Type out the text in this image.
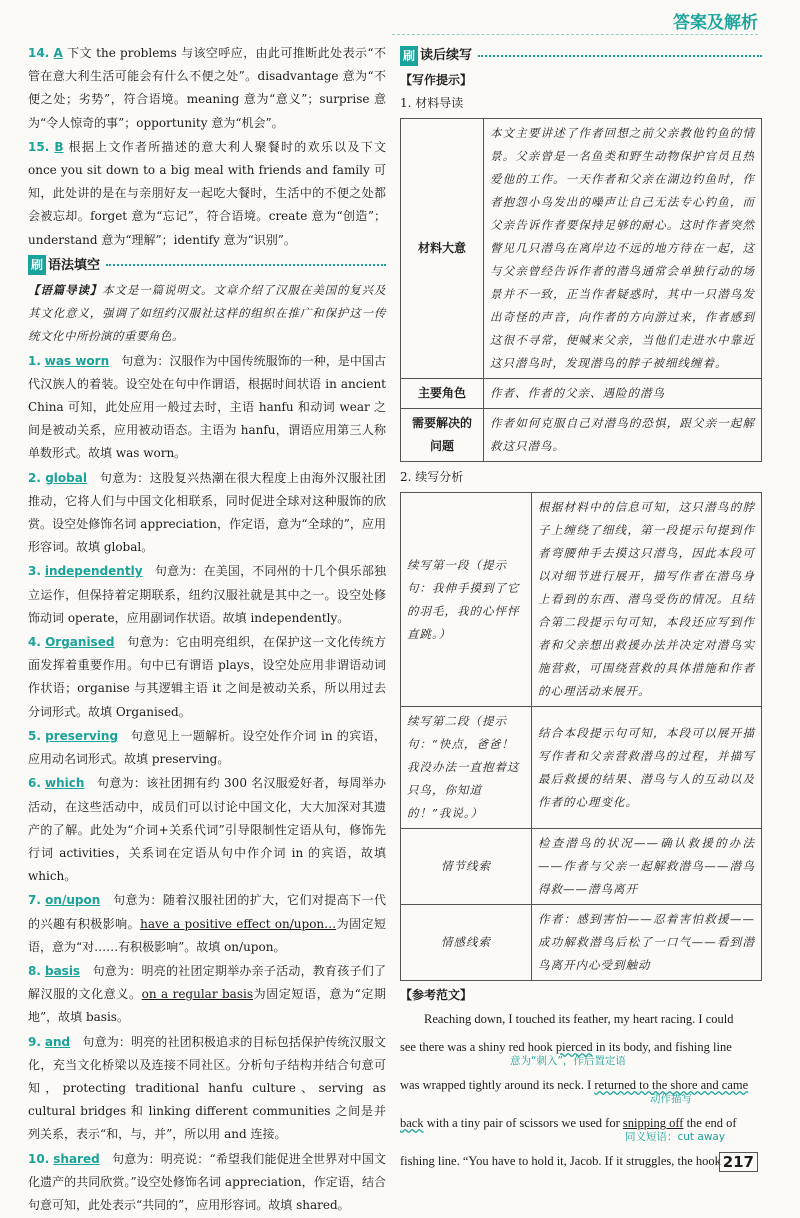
答案及解析
14. A 下文 the problems 与该空呼应，由此可推断此处表示“不管在意大利生活可能会有什么不便之处”。disadvantage 意为“不便之处；劣势”，符合语境。meaning 意为“意义”；surprise 意为“令人惊奇的事”；opportunity 意为“机会”。
15. B 根据上文作者所描述的意大利人聚餐时的欢乐以及下文 once you sit down to a big meal with friends and family 可知，此处讲的是在与亲朋好友一起吃大餐时，生活中的不便之处都会被忘却。forget 意为“忘记”，符合语境。create 意为“创造”；understand 意为“理解”；identify 意为“识别”。
刷 语法填空
【语篇导读】本文是一篇说明文。文章介绍了汉服在美国的复兴及其文化意义，强调了如纽约汉服社这样的组织在推广和保护这一传统文化中所扮演的重要角色。
1. was worn　 句意为：汉服作为中国传统服饰的一种，是中国古代汉族人的着装。设空处在句中作谓语，根据时间状语 in ancient China 可知，此处应用一般过去时，主语 hanfu 和动词 wear 之间是被动关系，应用被动语态。主语为 hanfu，谓语应用第三人称单数形式。故填 was worn。
2. global　 句意为：这股复兴热潮在很大程度上由海外汉服社团推动，它将人们与中国文化相联系，同时促进全球对这种服饰的欣赏。设空处修饰名词 appreciation，作定语，意为“全球的”，应用形容词。故填 global。
3. independently　 句意为：在美国，不同州的十几个俱乐部独立运作，但保持着定期联系，纽约汉服社就是其中之一。设空处修饰动词 operate，应用副词作状语。故填 independently。
4. Organised　 句意为：它由明亮组织，在保护这一文化传统方面发挥着重要作用。句中已有谓语 plays，设空处应用非谓语动词作状语；organise 与其逻辑主语 it 之间是被动关系，所以用过去分词形式。故填 Organised。
5. preserving　 句意见上一题解析。设空处作介词 in 的宾语，应用动名词形式。故填 preserving。
6. which　 句意为：该社团拥有约 300 名汉服爱好者，每周举办活动，在这些活动中，成员们可以讨论中国文化，大大加深对其遗产的了解。此处为“介词+关系代词”引导限制性定语从句，修饰先行词 activities，关系词在定语从句中作介词 in 的宾语，故填 which。
7. on/upon　 句意为：随着汉服社团的扩大，它们对提高下一代的兴趣有积极影响。have a positive effect on/upon…为固定短语，意为“对……有积极影响”。故填 on/upon。
8. basis　 句意为：明亮的社团定期举办亲子活动，教育孩子们了解汉服的文化意义。on a regular basis为固定短语，意为“定期地”，故填 basis。
9. and　 句意为：明亮的社团积极追求的目标包括保护传统汉服文化，充当文化桥梁以及连接不同社区。分析句子结构并结合句意可知，protecting traditional hanfu culture、serving as cultural bridges 和 linking different communities 之间是并列关系，表示“和，与，并”，所以用 and 连接。
10. shared　 句意为：明亮说：“希望我们能促进全世界对中国文化遗产的共同欣赏。”设空处修饰名词 appreciation，作定语，结合句意可知，此处表示“共同的”，应用形容词。故填 shared。
刷 读后续写
【写作提示】
1. 材料导读
材料大意	本文主要讲述了作者回想之前父亲教他钓鱼的情景。父亲曾是一名鱼类和野生动物保护官员且热爱他的工作。一天作者和父亲在湖边钓鱼时，作者抱怨小鸟发出的噪声让自己无法专心钓鱼，而父亲告诉作者要保持足够的耐心。这时作者突然瞥见几只潜鸟在离岸边不远的地方待在一起，这与父亲曾经告诉作者的潜鸟通常会单独行动的场景并不一致，正当作者疑惑时，其中一只潜鸟发出奇怪的声音，向作者的方向游过来，作者感到这很不寻常，便喊来父亲，当他们走进水中靠近这只潜鸟时，发现潜鸟的脖子被细线缠着。
主要角色	作者、作者的父亲、遇险的潜鸟
需要解决的问题	作者如何克服自己对潜鸟的恐惧，跟父亲一起解救这只潜鸟。
2. 续写分析
续写第一段（提示句：我伸手摸到了它的羽毛，我的心怦怦直跳。）	根据材料中的信息可知，这只潜鸟的脖子上缠绕了细线，第一段提示句提到作者弯腰伸手去摸这只潜鸟，因此本段可以对细节进行展开，描写作者在潜鸟身上看到的东西、潜鸟受伤的情况。且结合第二段提示句可知，本段还应写到作者和父亲想出救援办法并决定对潜鸟实施营救，可围绕营救的具体措施和作者的心理活动来展开。
续写第二段（提示句：“快点，爸爸！我没办法一直抱着这只鸟，你知道的！”我说。）	结合本段提示句可知，本段可以展开描写作者和父亲营救潜鸟的过程，并描写最后救援的结果、潜鸟与人的互动以及作者的心理变化。
情节线索	检查潜鸟的状况——确认救援的办法——作者与父亲一起解救潜鸟——潜鸟得救——潜鸟离开
情感线索	作者：感到害怕——忍着害怕救援——成功解救潜鸟后松了一口气——看到潜鸟离开内心受到触动
【参考范文】
Reaching down, I touched its feather, my heart racing. I could
see there was a shiny red hook pierced in its body, and fishing line
意为“刺入”，作后置定语
was wrapped tightly around its neck. I returned to the shore and came
动作描写
back with a tiny pair of scissors we used for snipping off the end of
同义短语：cut away
fishing line. “You have to hold it, Jacob. If it struggles, the hook 217
